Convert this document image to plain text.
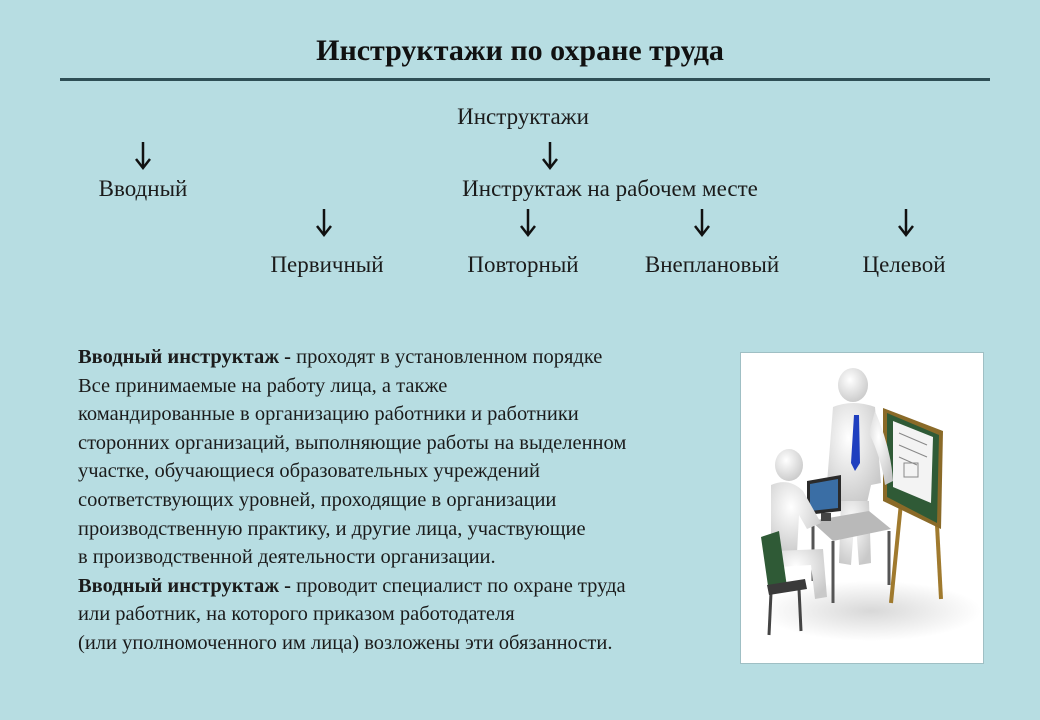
Инструктажи по охране труда
Инструктажи
Вводный	Инструктаж на рабочем месте
Первичный	Повторный	Внеплановый	Целевой

Вводный инструктаж - проходят в установленном порядке

Все принимаемые на работу лица, а также

командированные в организацию работники и работники

сторонних организаций, выполняющие работы на выделенном

участке, обучающиеся образовательных учреждений

соответствующих уровней, проходящие в организации

производственную практику, и другие лица, участвующие

в производственной деятельности организации.

Вводный инструктаж - проводит специалист по охране труда

или работник, на которого приказом работодателя

(или уполномоченного им лица) возложены эти обязанности.
